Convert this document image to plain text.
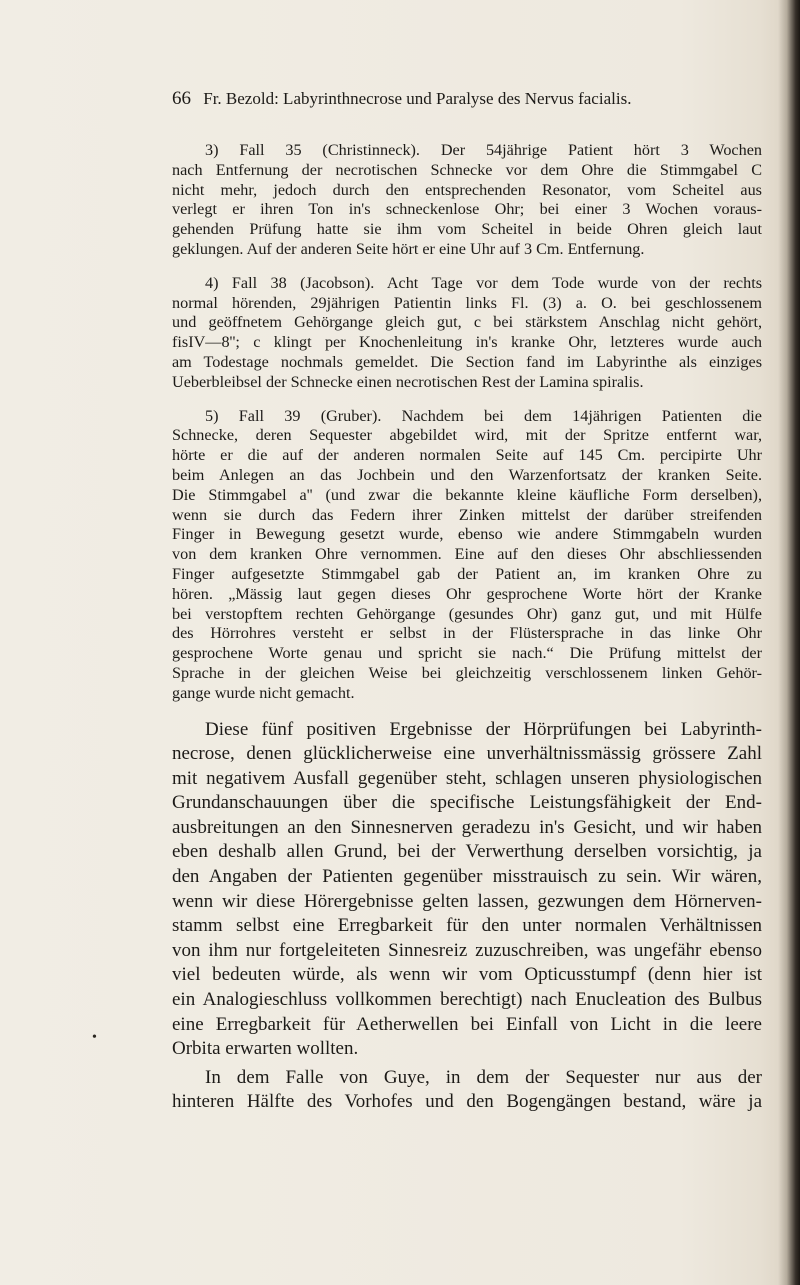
66 Fr. Bezold: Labyrinthnecrose und Paralyse des Nervus facialis.
3) Fall 35 (Christinneck). Der 54jährige Patient hört 3 Wochen
nach Entfernung der necrotischen Schnecke vor dem Ohre die Stimmgabel C
nicht mehr, jedoch durch den entsprechenden Resonator, vom Scheitel aus
verlegt er ihren Ton in's schneckenlose Ohr; bei einer 3 Wochen voraus-
gehenden Prüfung hatte sie ihm vom Scheitel in beide Ohren gleich laut
geklungen. Auf der anderen Seite hört er eine Uhr auf 3 Cm. Entfernung.
4) Fall 38 (Jacobson). Acht Tage vor dem Tode wurde von der rechts
normal hörenden, 29jährigen Patientin links Fl. (3) a. O. bei geschlossenem
und geöffnetem Gehörgange gleich gut, c bei stärkstem Anschlag nicht gehört,
fisIV—8''; c klingt per Knochenleitung in's kranke Ohr, letzteres wurde auch
am Todestage nochmals gemeldet. Die Section fand im Labyrinthe als einziges
Ueberbleibsel der Schnecke einen necrotischen Rest der Lamina spiralis.
5) Fall 39 (Gruber). Nachdem bei dem 14jährigen Patienten die
Schnecke, deren Sequester abgebildet wird, mit der Spritze entfernt war,
hörte er die auf der anderen normalen Seite auf 145 Cm. percipirte Uhr
beim Anlegen an das Jochbein und den Warzenfortsatz der kranken Seite.
Die Stimmgabel a'' (und zwar die bekannte kleine käufliche Form derselben),
wenn sie durch das Federn ihrer Zinken mittelst der darüber streifenden
Finger in Bewegung gesetzt wurde, ebenso wie andere Stimmgabeln wurden
von dem kranken Ohre vernommen. Eine auf den dieses Ohr abschliessenden
Finger aufgesetzte Stimmgabel gab der Patient an, im kranken Ohre zu
hören. „Mässig laut gegen dieses Ohr gesprochene Worte hört der Kranke
bei verstopftem rechten Gehörgange (gesundes Ohr) ganz gut, und mit Hülfe
des Hörrohres versteht er selbst in der Flüstersprache in das linke Ohr
gesprochene Worte genau und spricht sie nach.“ Die Prüfung mittelst der
Sprache in der gleichen Weise bei gleichzeitig verschlossenem linken Gehör-
gange wurde nicht gemacht.
Diese fünf positiven Ergebnisse der Hörprüfungen bei Labyrinth-
necrose, denen glücklicherweise eine unverhältnissmässig grössere Zahl
mit negativem Ausfall gegenüber steht, schlagen unseren physiologischen
Grundanschauungen über die specifische Leistungsfähigkeit der End-
ausbreitungen an den Sinnesnerven geradezu in's Gesicht, und wir haben
eben deshalb allen Grund, bei der Verwerthung derselben vorsichtig, ja
den Angaben der Patienten gegenüber misstrauisch zu sein. Wir wären,
wenn wir diese Hörergebnisse gelten lassen, gezwungen dem Hörnerven-
stamm selbst eine Erregbarkeit für den unter normalen Verhältnissen
von ihm nur fortgeleiteten Sinnesreiz zuzuschreiben, was ungefähr ebenso
viel bedeuten würde, als wenn wir vom Opticusstumpf (denn hier ist
ein Analogieschluss vollkommen berechtigt) nach Enucleation des Bulbus
eine Erregbarkeit für Aetherwellen bei Einfall von Licht in die leere
Orbita erwarten wollten.
In dem Falle von Guye, in dem der Sequester nur aus der
hinteren Hälfte des Vorhofes und den Bogengängen bestand, wäre ja
•
